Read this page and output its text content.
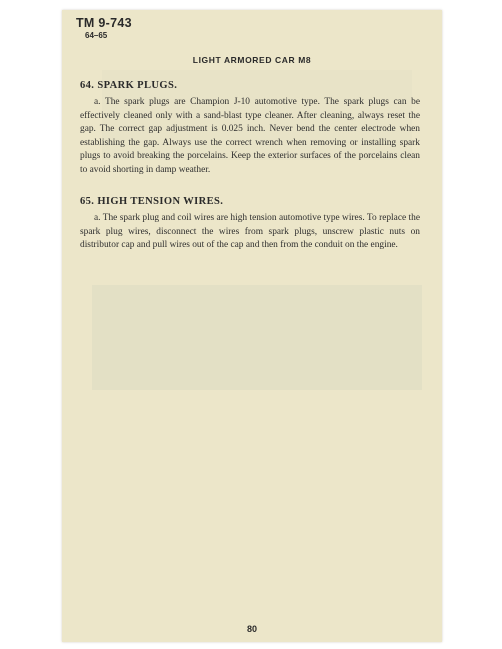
TM 9-743
64–65
LIGHT ARMORED CAR M8
64. SPARK PLUGS.
a. The spark plugs are Champion J-10 automotive type. The spark plugs can be effectively cleaned only with a sand-blast type cleaner. After cleaning, always reset the gap. The correct gap adjustment is 0.025 inch. Never bend the center electrode when establishing the gap. Always use the correct wrench when removing or installing spark plugs to avoid breaking the porcelains. Keep the exterior surfaces of the porcelains clean to avoid shorting in damp weather.
65. HIGH TENSION WIRES.
a. The spark plug and coil wires are high tension automotive type wires. To replace the spark plug wires, disconnect the wires from spark plugs, unscrew plastic nuts on distributor cap and pull wires out of the cap and then from the conduit on the engine.
80
